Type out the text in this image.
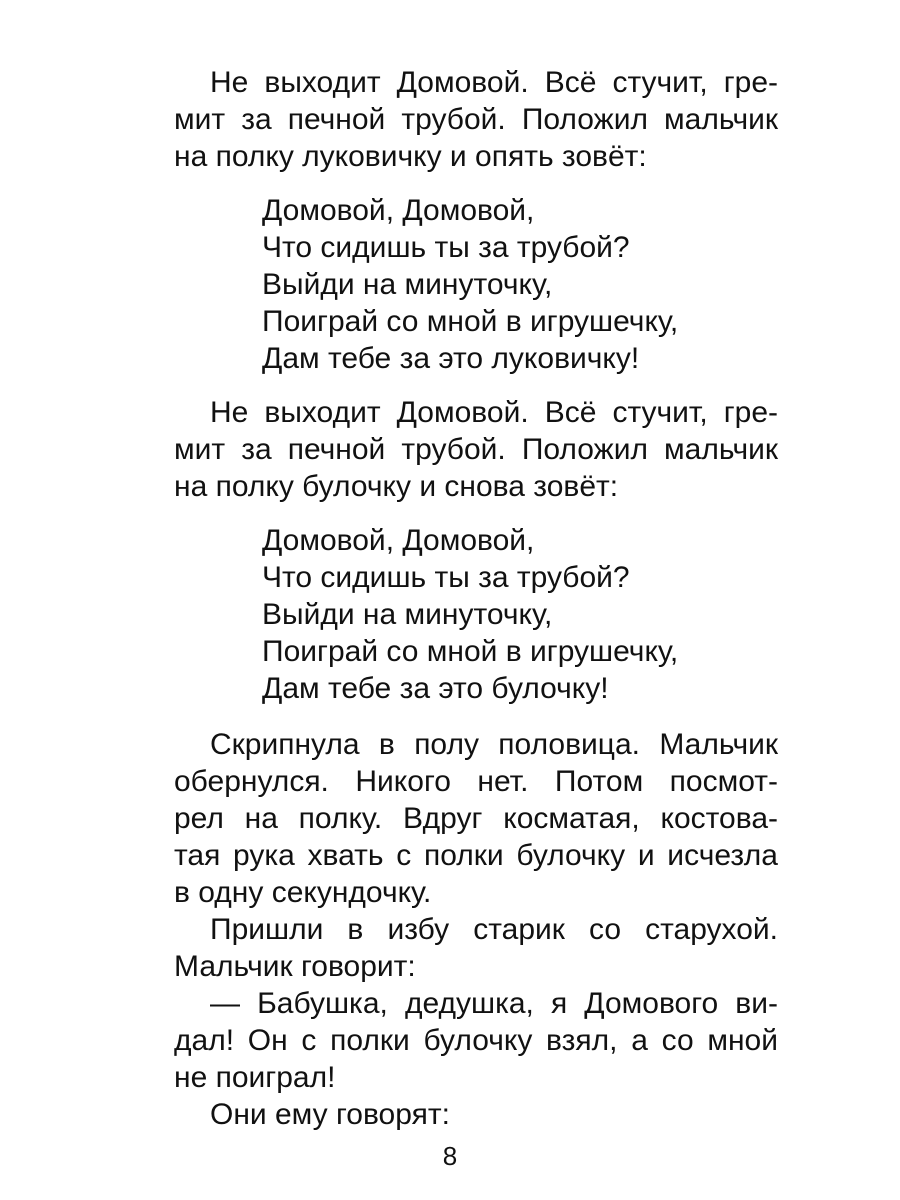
Не выходит Домовой. Всё стучит, гре-
мит за печной трубой. Положил мальчик
на полку луковичку и опять зовёт:
Домовой, Домовой,
Что сидишь ты за трубой?
Выйди на минуточку,
Поиграй со мной в игрушечку,
Дам тебе за это луковичку!
Не выходит Домовой. Всё стучит, гре-
мит за печной трубой. Положил мальчик
на полку булочку и снова зовёт:
Домовой, Домовой,
Что сидишь ты за трубой?
Выйди на минуточку,
Поиграй со мной в игрушечку,
Дам тебе за это булочку!
Скрипнула в полу половица. Мальчик
обернулся. Никого нет. Потом посмот-
рел на полку. Вдруг косматая, костова-
тая рука хвать с полки булочку и исчезла
в одну секундочку.
Пришли в избу старик со старухой.
Мальчик говорит:
— Бабушка, дедушка, я Домового ви-
дал! Он с полки булочку взял, а со мной
не поиграл!
Они ему говорят:
8
